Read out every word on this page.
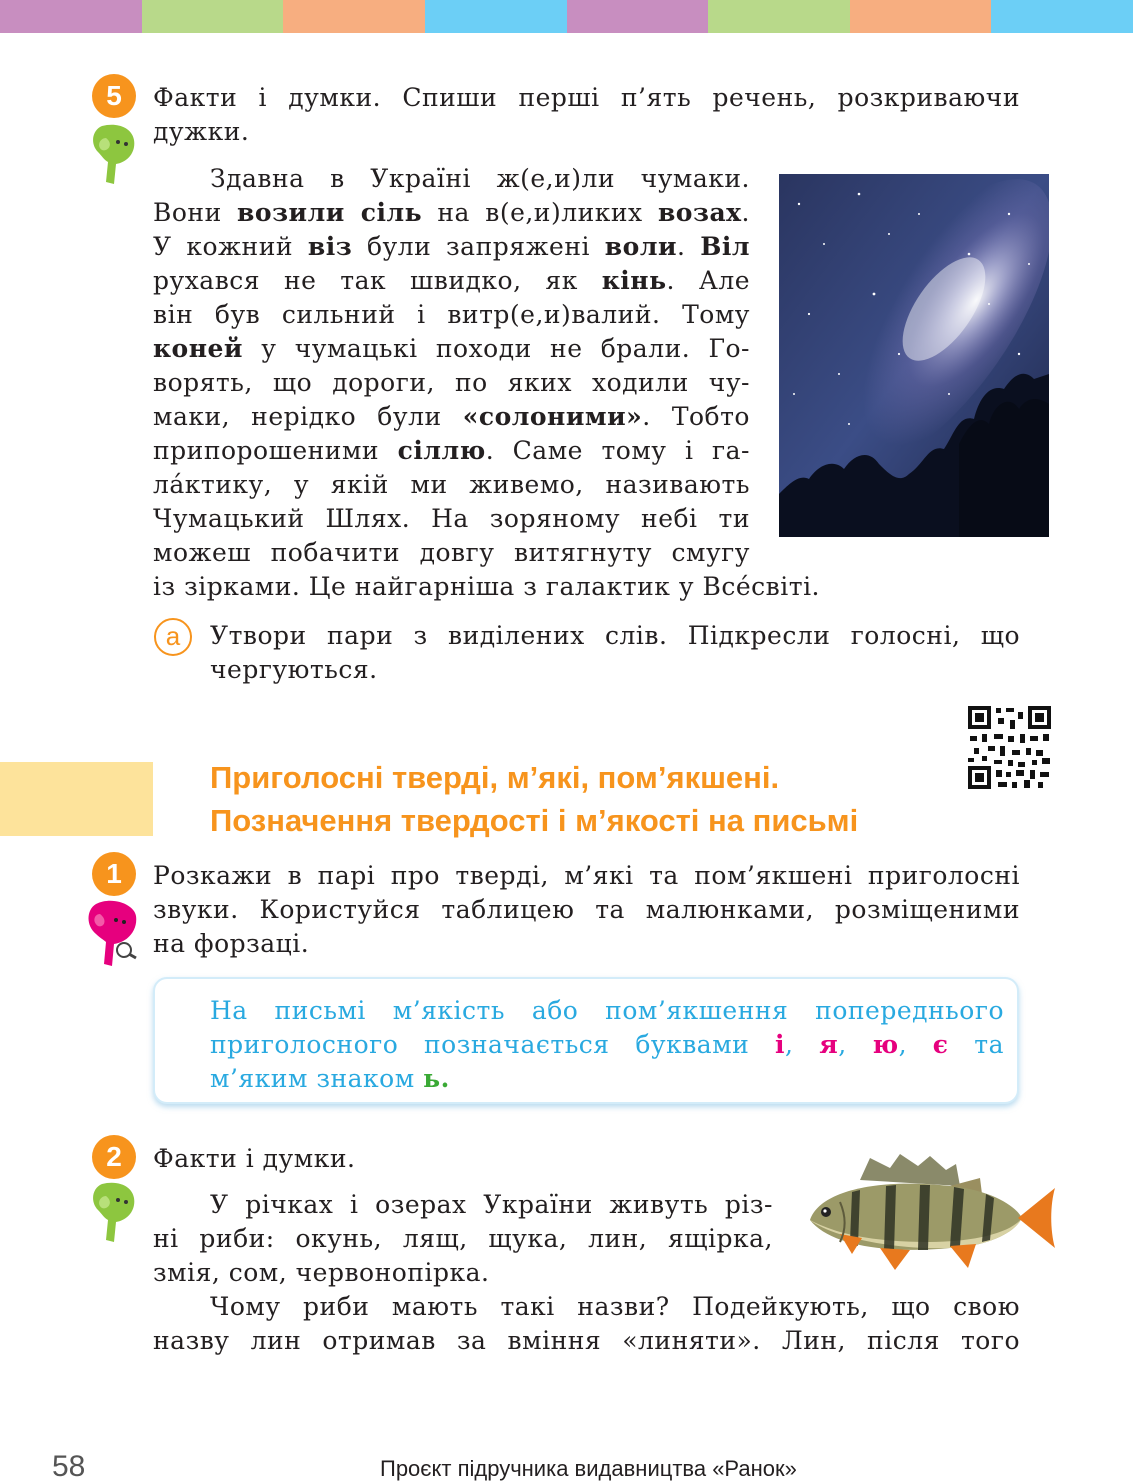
5	Факти і думки. Спиши перші п’ять речень, розкриваючи
дужки.
Здавна в Україні ж(е,и)ли чумаки.
Вони возили сіль на в(е,и)ликих возах.
У кожний віз були запряжені воли. Віл
рухався не так швидко, як кінь. Але
він був сильний і витр(е,и)валий. Тому
коней у чумацькі походи не брали. Го-
ворять, що дороги, по яких ходили чу-
маки, нерідко були «солоними». Тобто
припорошеними сіллю. Саме тому і га-
ла́ктику, у якій ми живемо, називають
Чумацький Шлях. На зоряному небі ти
можеш побачити довгу витягнуту смугу
із зірками. Це найгарніша з галактик у Все́світі.
а	Утвори пари з виділених слів. Підкресли голосні, що
чергуються.
Приголосні тверді, м’які, пом’якшені.
Позначення твердості і м’якості на письмі
1	Розкажи в парі про тверді, м’які та пом’якшені приголосні
звуки. Користуйся таблицею та малюнками, розміщеними
на форзаці.
На письмі м’якість або пом’якшення попереднього
приголосного позначається буквами і, я, ю, є та
м’яким знаком ь.
2	Факти і думки.
У річках і озерах України живуть різ-
ні риби: окунь, лящ, щука, лин, ящірка,
змія, сом, червонопірка.
Чому риби мають такі назви? Подейкують, що свою
назву лин отримав за вміння «линяти». Лин, після того
58	Проєкт підручника видавництва «Ранок»
